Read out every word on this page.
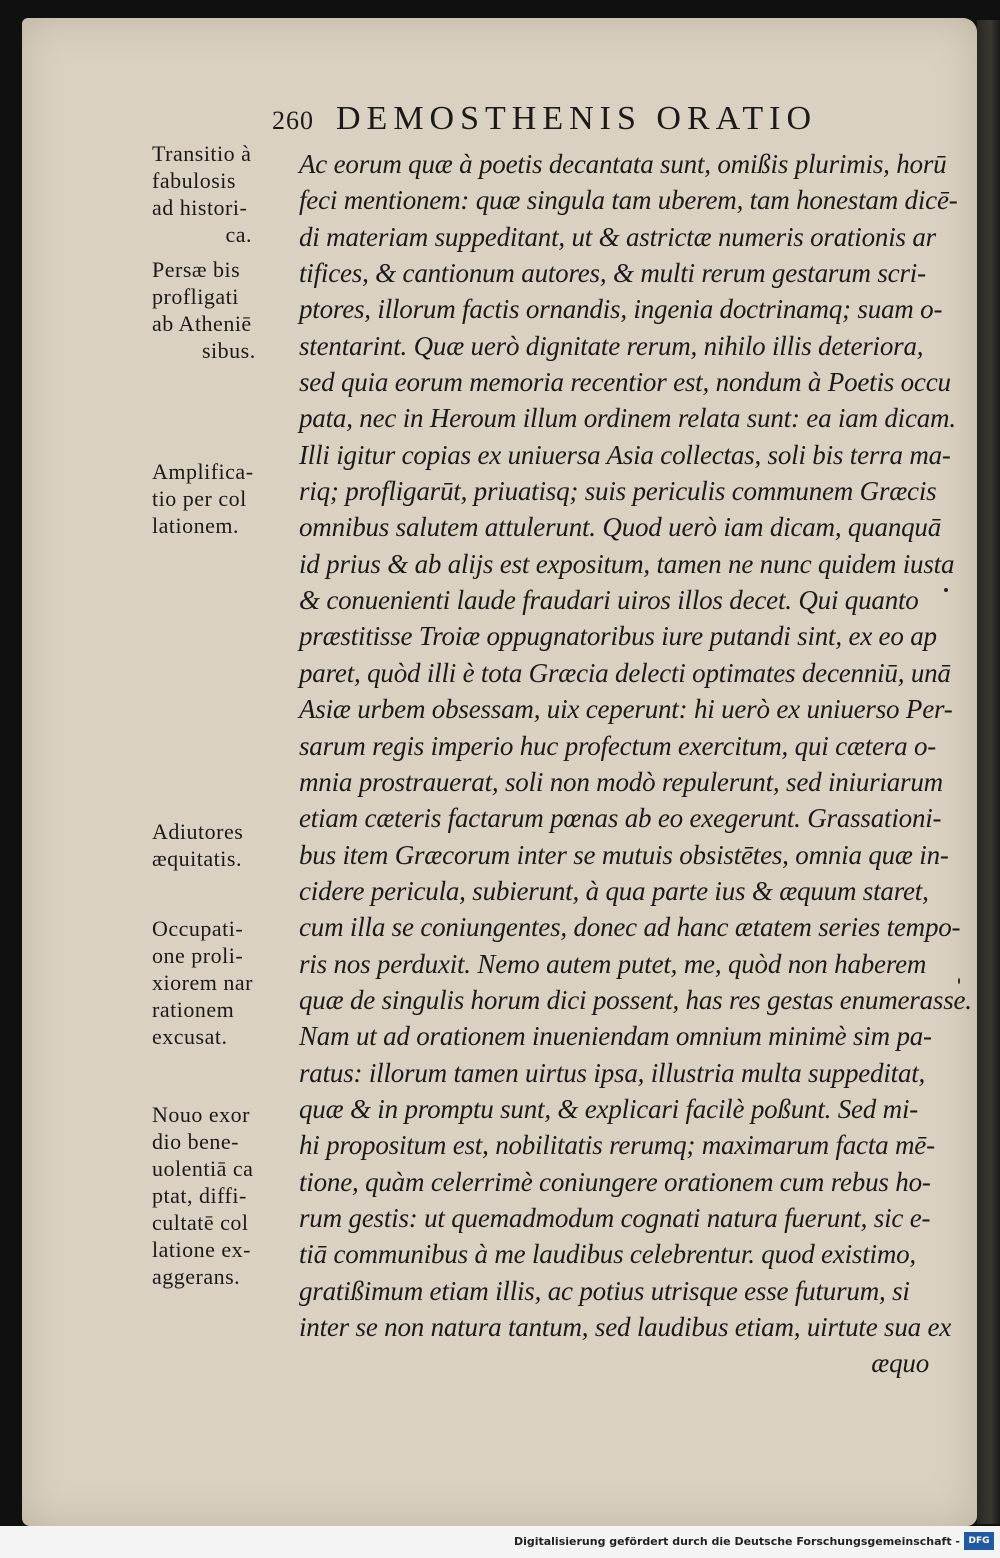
260 DEMOSTHENIS ORATIO
Transitio à
fabulosis
ad histori-
ca.
Persæ bis
profligati
ab Atheniē
sibus.
Amplifica-
tio per col
lationem.
Adiutores
æquitatis.
Occupati-
one proli-
xiorem nar
rationem
excusat.
Nouo exor
dio bene-
uolentiā ca
ptat, diffi-
cultatē col
latione ex-
aggerans.
Ac eorum quæ à poetis decantata sunt, omißis plurimis, horū
feci mentionem: quæ singula tam uberem, tam honestam dicē-
di materiam suppeditant, ut & astrictæ numeris orationis ar
tifices, & cantionum autores, & multi rerum gestarum scri-
ptores, illorum factis ornandis, ingenia doctrinamq; suam o-
stentarint. Quæ uerò dignitate rerum, nihilo illis deteriora,
sed quia eorum memoria recentior est, nondum à Poetis occu
pata, nec in Heroum illum ordinem relata sunt: ea iam dicam.
Illi igitur copias ex uniuersa Asia collectas, soli bis terra ma-
riq; profligarūt, priuatisq; suis periculis communem Græcis
omnibus salutem attulerunt. Quod uerò iam dicam, quanquā
id prius & ab alijs est expositum, tamen ne nunc quidem iusta
& conuenienti laude fraudari uiros illos decet. Qui quanto
præstitisse Troiæ oppugnatoribus iure putandi sint, ex eo ap
paret, quòd illi è tota Græcia delecti optimates decenniū, unā
Asiæ urbem obsessam, uix ceperunt: hi uerò ex uniuerso Per-
sarum regis imperio huc profectum exercitum, qui cætera o-
mnia prostrauerat, soli non modò repulerunt, sed iniuriarum
etiam cæteris factarum pœnas ab eo exegerunt. Grassationi-
bus item Græcorum inter se mutuis obsistētes, omnia quæ in-
cidere pericula, subierunt, à qua parte ius & æquum staret,
cum illa se coniungentes, donec ad hanc ætatem series tempo-
ris nos perduxit. Nemo autem putet, me, quòd non haberem
quæ de singulis horum dici possent, has res gestas enumerasse.
Nam ut ad orationem inueniendam omnium minimè sim pa-
ratus: illorum tamen uirtus ipsa, illustria multa suppeditat,
quæ & in promptu sunt, & explicari facilè poßunt. Sed mi-
hi propositum est, nobilitatis rerumq; maximarum facta mē-
tione, quàm celerrimè coniungere orationem cum rebus ho-
rum gestis: ut quemadmodum cognati natura fuerunt, sic e-
tiā communibus à me laudibus celebrentur. quod existimo,
gratißimum etiam illis, ac potius utrisque esse futurum, si
inter se non natura tantum, sed laudibus etiam, uirtute sua ex
æquo
Digitalisierung gefördert durch die Deutsche Forschungsgemeinschaft - DFG
